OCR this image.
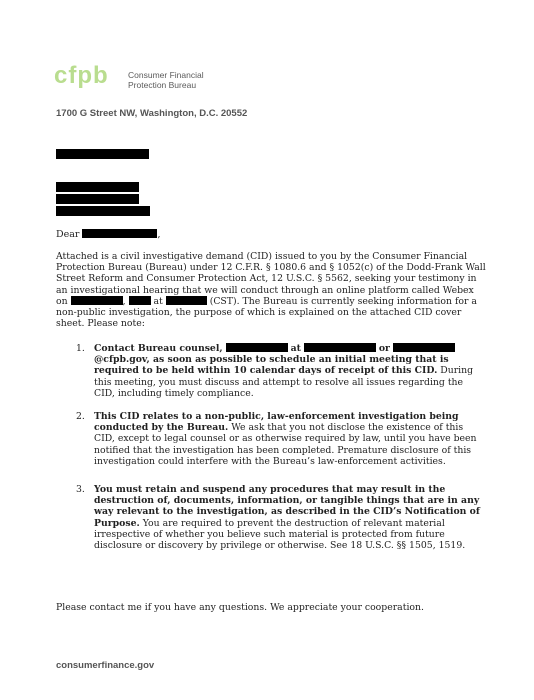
cfpb Consumer Financial
Protection Bureau
1700 G Street NW, Washington, D.C. 20552
Dear	,
Attached is a civil investigative demand (CID) issued to you by the Consumer Financial Protection Bureau (Bureau) under 12 C.F.R. § 1080.6 and § 1052(c) of the Dodd-Frank Wall Street Reform and Consumer Protection Act, 12 U.S.C. § 5562, seeking your testimony in an investigational hearing that we will conduct through an online platform called Webex on	,	at	(CST). The Bureau is currently seeking information for a non-public investigation, the purpose of which is explained on the attached CID cover sheet. Please note:
1. Contact Bureau counsel,	at	or @cfpb.gov, as soon as possible to schedule an initial meeting that is required to be held within 10 calendar days of receipt of this CID. During this meeting, you must discuss and attempt to resolve all issues regarding the CID, including timely compliance.
2. This CID relates to a non-public, law-enforcement investigation being conducted by the Bureau. We ask that you not disclose the existence of this CID, except to legal counsel or as otherwise required by law, until you have been notified that the investigation has been completed. Premature disclosure of this investigation could interfere with the Bureau’s law-enforcement activities.
3. You must retain and suspend any procedures that may result in the destruction of, documents, information, or tangible things that are in any way relevant to the investigation, as described in the CID’s Notification of Purpose. You are required to prevent the destruction of relevant material irrespective of whether you believe such material is protected from future disclosure or discovery by privilege or otherwise. See 18 U.S.C. §§ 1505, 1519.
Please contact me if you have any questions. We appreciate your cooperation.
consumerfinance.gov
